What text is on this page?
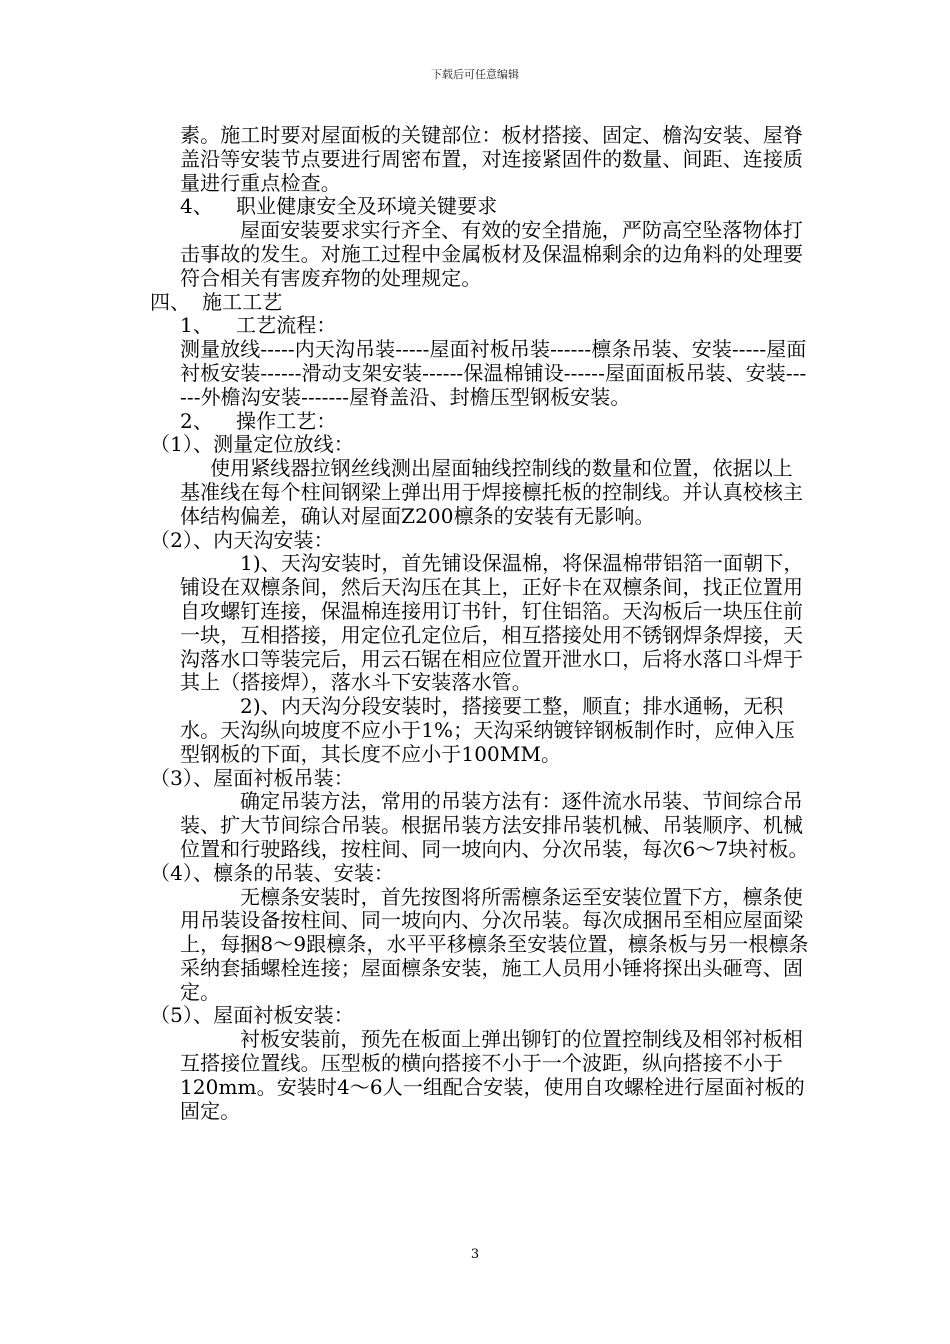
下载后可任意编辑

素。施工时要对屋面板的关键部位：板材搭接、固定、檐沟安装、屋脊盖沿等安装节点要进行周密布置，对连接紧固件的数量、间距、连接质量进行重点检查。

4、 职业健康安全及环境关键要求

屋面安装要求实行齐全、有效的安全措施，严防高空坠落物体打击事故的发生。对施工过程中金属板材及保温棉剩余的边角料的处理要符合相关有害废弃物的处理规定。

四、 施工工艺

1、 工艺流程：

测量放线-----内天沟吊装-----屋面衬板吊装------檩条吊装、安装-----屋面衬板安装------滑动支架安装------保温棉铺设------屋面面板吊装、安装------外檐沟安装-------屋脊盖沿、封檐压型钢板安装。

2、 操作工艺：

（1）、测量定位放线：

使用紧线器拉钢丝线测出屋面轴线控制线的数量和位置，依据以上基准线在每个柱间钢梁上弹出用于焊接檩托板的控制线。并认真校核主体结构偏差，确认对屋面Z200檩条的安装有无影响。

（2）、内天沟安装：

1)、天沟安装时，首先铺设保温棉，将保温棉带铝箔一面朝下，铺设在双檩条间，然后天沟压在其上，正好卡在双檩条间，找正位置用自攻螺钉连接，保温棉连接用订书针，钉住铝箔。天沟板后一块压住前一块，互相搭接，用定位孔定位后，相互搭接处用不锈钢焊条焊接，天沟落水口等装完后，用云石锯在相应位置开泄水口，后将水落口斗焊于其上（搭接焊），落水斗下安装落水管。

2)、内天沟分段安装时，搭接要工整，顺直；排水通畅，无积水。天沟纵向坡度不应小于1%；天沟采纳镀锌钢板制作时，应伸入压型钢板的下面，其长度不应小于100MM。

（3）、屋面衬板吊装：

确定吊装方法，常用的吊装方法有：逐件流水吊装、节间综合吊装、扩大节间综合吊装。根据吊装方法安排吊装机械、吊装顺序、机械位置和行驶路线，按柱间、同一坡向内、分次吊装，每次6～7块衬板。

（4）、檩条的吊装、安装：

无檩条安装时，首先按图将所需檩条运至安装位置下方，檩条使用吊装设备按柱间、同一坡向内、分次吊装。每次成捆吊至相应屋面梁上，每捆8～9跟檩条，水平平移檩条至安装位置，檩条板与另一根檩条采纳套插螺栓连接；屋面檩条安装，施工人员用小锤将探出头砸弯、固定。

（5）、屋面衬板安装：

衬板安装前，预先在板面上弹出铆钉的位置控制线及相邻衬板相互搭接位置线。压型板的横向搭接不小于一个波距，纵向搭接不小于120mm。安装时4～6人一组配合安装，使用自攻螺栓进行屋面衬板的固定。

3
